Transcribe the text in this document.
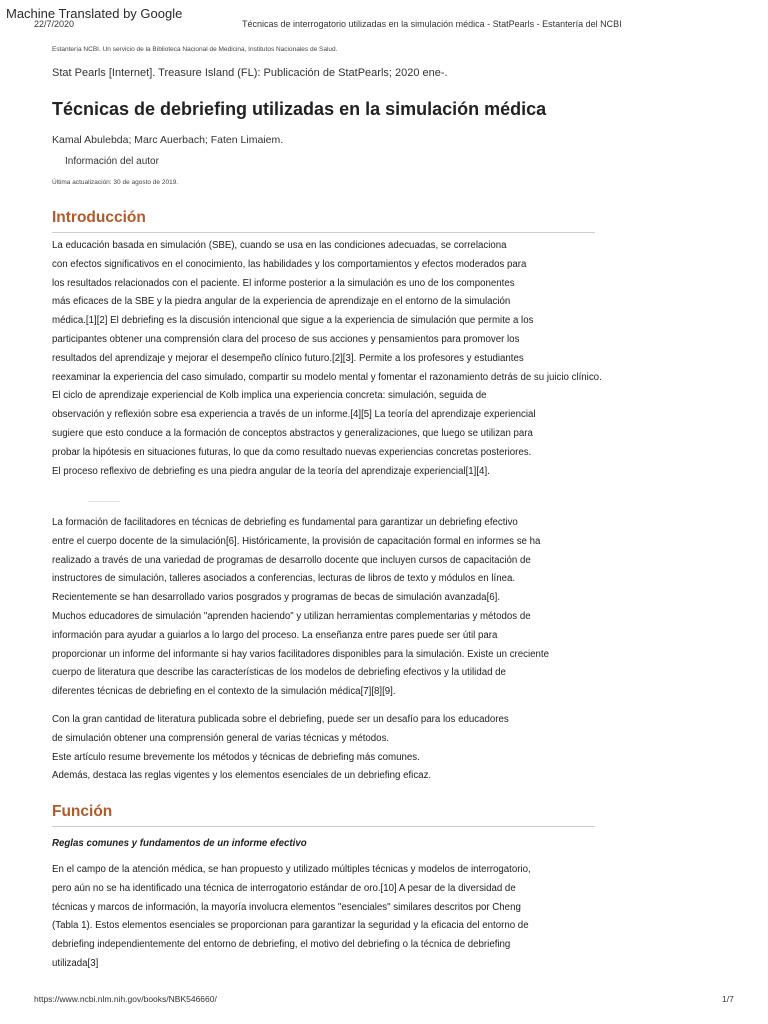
Machine Translated by Google
22/7/2020	Técnicas de interrogatorio utilizadas en la simulación médica - StatPearls - Estantería del NCBI
Estantería NCBI. Un servicio de la Biblioteca Nacional de Medicina, Institutos Nacionales de Salud.
Stat Pearls [Internet]. Treasure Island (FL): Publicación de StatPearls; 2020 ene-.
Técnicas de debriefing utilizadas en la simulación médica
Kamal Abulebda; Marc Auerbach; Faten Limaiem.
Información del autor
Última actualización: 30 de agosto de 2019.
Introducción
La educación basada en simulación (SBE), cuando se usa en las condiciones adecuadas, se correlaciona
con efectos significativos en el conocimiento, las habilidades y los comportamientos y efectos moderados para
los resultados relacionados con el paciente. El informe posterior a la simulación es uno de los componentes
más eficaces de la SBE y la piedra angular de la experiencia de aprendizaje en el entorno de la simulación
médica.[1][2] El debriefing es la discusión intencional que sigue a la experiencia de simulación que permite a los
participantes obtener una comprensión clara del proceso de sus acciones y pensamientos para promover los
resultados del aprendizaje y mejorar el desempeño clínico futuro.[2][3]. Permite a los profesores y estudiantes
reexaminar la experiencia del caso simulado, compartir su modelo mental y fomentar el razonamiento detrás de su juicio clínico.
El ciclo de aprendizaje experiencial de Kolb implica una experiencia concreta: simulación, seguida de
observación y reflexión sobre esa experiencia a través de un informe.[4][5] La teoría del aprendizaje experiencial
sugiere que esto conduce a la formación de conceptos abstractos y generalizaciones, que luego se utilizan para
probar la hipótesis en situaciones futuras, lo que da como resultado nuevas experiencias concretas posteriores.
El proceso reflexivo de debriefing es una piedra angular de la teoría del aprendizaje experiencial[1][4].
La formación de facilitadores en técnicas de debriefing es fundamental para garantizar un debriefing efectivo
entre el cuerpo docente de la simulación[6]. Históricamente, la provisión de capacitación formal en informes se ha
realizado a través de una variedad de programas de desarrollo docente que incluyen cursos de capacitación de
instructores de simulación, talleres asociados a conferencias, lecturas de libros de texto y módulos en línea.
Recientemente se han desarrollado varios posgrados y programas de becas de simulación avanzada[6].
Muchos educadores de simulación "aprenden haciendo" y utilizan herramientas complementarias y métodos de
información para ayudar a guiarlos a lo largo del proceso. La enseñanza entre pares puede ser útil para
proporcionar un informe del informante si hay varios facilitadores disponibles para la simulación. Existe un creciente
cuerpo de literatura que describe las características de los modelos de debriefing efectivos y la utilidad de
diferentes técnicas de debriefing en el contexto de la simulación médica[7][8][9].
Con la gran cantidad de literatura publicada sobre el debriefing, puede ser un desafío para los educadores
de simulación obtener una comprensión general de varias técnicas y métodos.
Este artículo resume brevemente los métodos y técnicas de debriefing más comunes.
Además, destaca las reglas vigentes y los elementos esenciales de un debriefing eficaz.
Función
Reglas comunes y fundamentos de un informe efectivo
En el campo de la atención médica, se han propuesto y utilizado múltiples técnicas y modelos de interrogatorio,
pero aún no se ha identificado una técnica de interrogatorio estándar de oro.[10] A pesar de la diversidad de
técnicas y marcos de información, la mayoría involucra elementos "esenciales" similares descritos por Cheng
(Tabla 1). Estos elementos esenciales se proporcionan para garantizar la seguridad y la eficacia del entorno de
debriefing independientemente del entorno de debriefing, el motivo del debriefing o la técnica de debriefing
utilizada[3]
https://www.ncbi.nlm.nih.gov/books/NBK546660/	1/7
